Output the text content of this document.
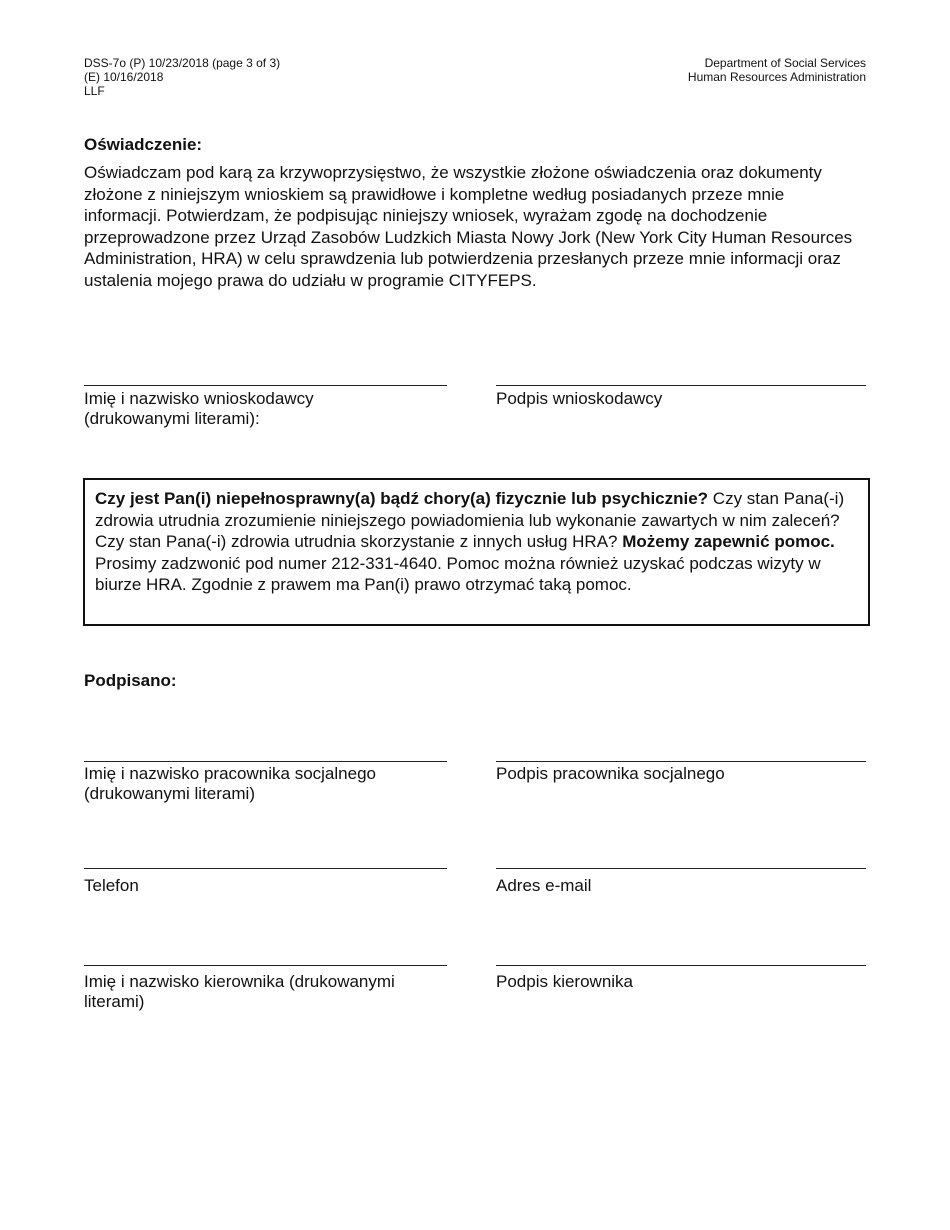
DSS-7o (P) 10/23/2018 (page 3 of 3)
(E) 10/16/2018
LLF
Department of Social Services
Human Resources Administration
Oświadczenie:
Oświadczam pod karą za krzywoprzysięstwo, że wszystkie złożone oświadczenia oraz dokumenty złożone z niniejszym wnioskiem są prawidłowe i kompletne według posiadanych przeze mnie informacji. Potwierdzam, że podpisując niniejszy wniosek, wyrażam zgodę na dochodzenie przeprowadzone przez Urząd Zasobów Ludzkich Miasta Nowy Jork (New York City Human Resources Administration, HRA) w celu sprawdzenia lub potwierdzenia przesłanych przeze mnie informacji oraz ustalenia mojego prawa do udziału w programie CITYFEPS.
Imię i nazwisko wnioskodawcy
(drukowanymi literami):
Podpis wnioskodawcy
Czy jest Pan(i) niepełnosprawny(a) bądź chory(a) fizycznie lub psychicznie? Czy stan Pana(-i) zdrowia utrudnia zrozumienie niniejszego powiadomienia lub wykonanie zawartych w nim zaleceń? Czy stan Pana(-i) zdrowia utrudnia skorzystanie z innych usług HRA? Możemy zapewnić pomoc. Prosimy zadzwonić pod numer 212-331-4640. Pomoc można również uzyskać podczas wizyty w biurze HRA. Zgodnie z prawem ma Pan(i) prawo otrzymać taką pomoc.
Podpisano:
Imię i nazwisko pracownika socjalnego
(drukowanymi literami)
Podpis pracownika socjalnego
Telefon	Adres e-mail
Imię i nazwisko kierownika (drukowanymi
literami)
Podpis kierownika
